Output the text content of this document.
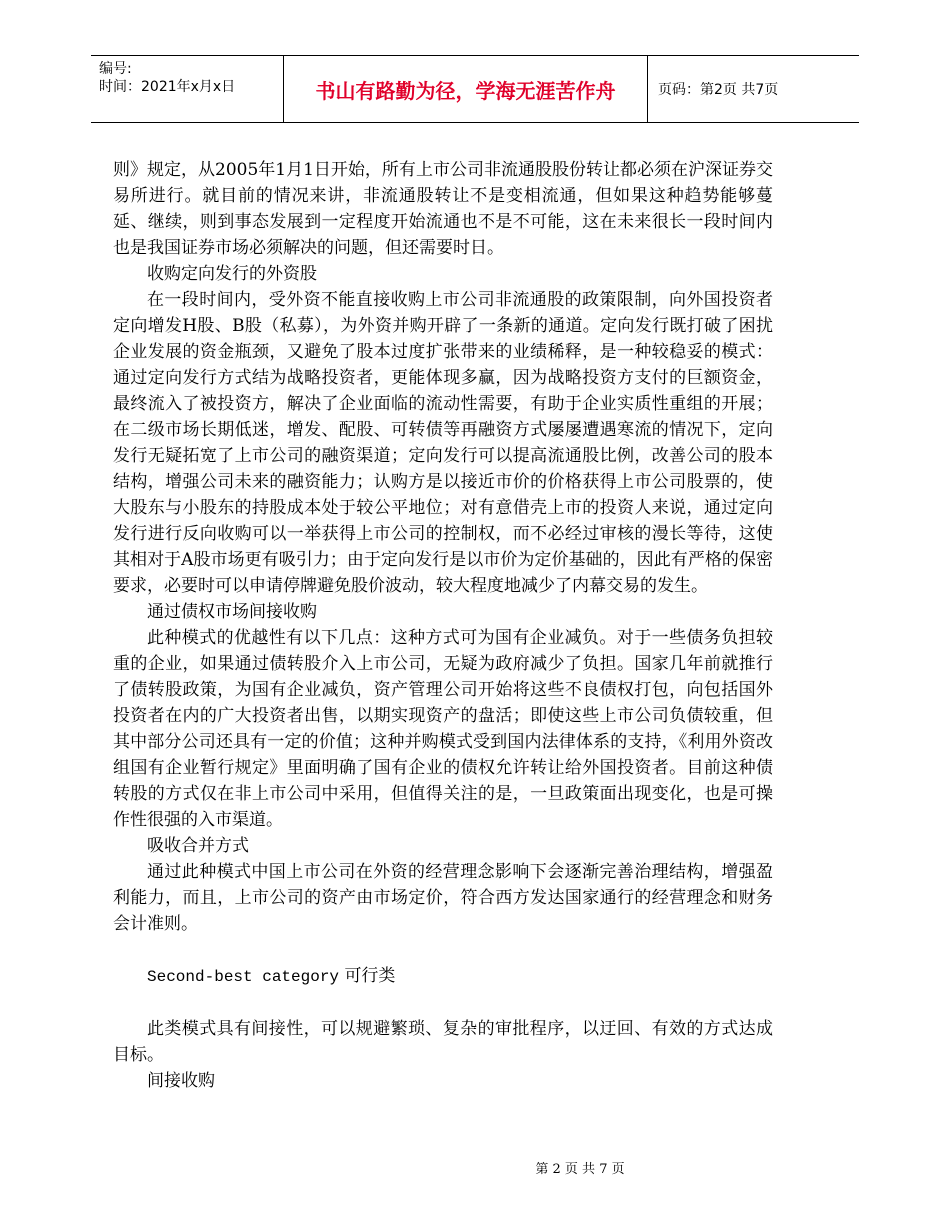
编号:
时间：2021年x月x日	书山有路勤为径，学海无涯苦作舟	页码：第2页 共7页

则》规定，从2005年1月1日开始，所有上市公司非流通股股份转让都必须在沪深证券交易所进行。就目前的情况来讲，非流通股转让不是变相流通，但如果这种趋势能够蔓延、继续，则到事态发展到一定程度开始流通也不是不可能，这在未来很长一段时间内也是我国证券市场必须解决的问题，但还需要时日。

收购定向发行的外资股

在一段时间内，受外资不能直接收购上市公司非流通股的政策限制，向外国投资者定向增发H股、B股（私募），为外资并购开辟了一条新的通道。定向发行既打破了困扰企业发展的资金瓶颈，又避免了股本过度扩张带来的业绩稀释，是一种较稳妥的模式：通过定向发行方式结为战略投资者，更能体现多赢，因为战略投资方支付的巨额资金，最终流入了被投资方，解决了企业面临的流动性需要，有助于企业实质性重组的开展；在二级市场长期低迷，增发、配股、可转债等再融资方式屡屡遭遇寒流的情况下，定向发行无疑拓宽了上市公司的融资渠道；定向发行可以提高流通股比例，改善公司的股本结构，增强公司未来的融资能力；认购方是以接近市价的价格获得上市公司股票的，使大股东与小股东的持股成本处于较公平地位；对有意借壳上市的投资人来说，通过定向发行进行反向收购可以一举获得上市公司的控制权，而不必经过审核的漫长等待，这使其相对于A股市场更有吸引力；由于定向发行是以市价为定价基础的，因此有严格的保密要求，必要时可以申请停牌避免股价波动，较大程度地减少了内幕交易的发生。

通过债权市场间接收购

此种模式的优越性有以下几点：这种方式可为国有企业减负。对于一些债务负担较重的企业，如果通过债转股介入上市公司，无疑为政府减少了负担。国家几年前就推行了债转股政策，为国有企业减负，资产管理公司开始将这些不良债权打包，向包括国外投资者在内的广大投资者出售，以期实现资产的盘活；即使这些上市公司负债较重，但其中部分公司还具有一定的价值；这种并购模式受到国内法律体系的支持，《利用外资改组国有企业暂行规定》里面明确了国有企业的债权允许转让给外国投资者。目前这种债转股的方式仅在非上市公司中采用，但值得关注的是，一旦政策面出现变化，也是可操作性很强的入市渠道。

吸收合并方式

通过此种模式中国上市公司在外资的经营理念影响下会逐渐完善治理结构，增强盈利能力，而且，上市公司的资产由市场定价，符合西方发达国家通行的经营理念和财务会计准则。

Second-best category 可行类

此类模式具有间接性，可以规避繁琐、复杂的审批程序，以迂回、有效的方式达成目标。

间接收购

第 2 页 共 7 页
